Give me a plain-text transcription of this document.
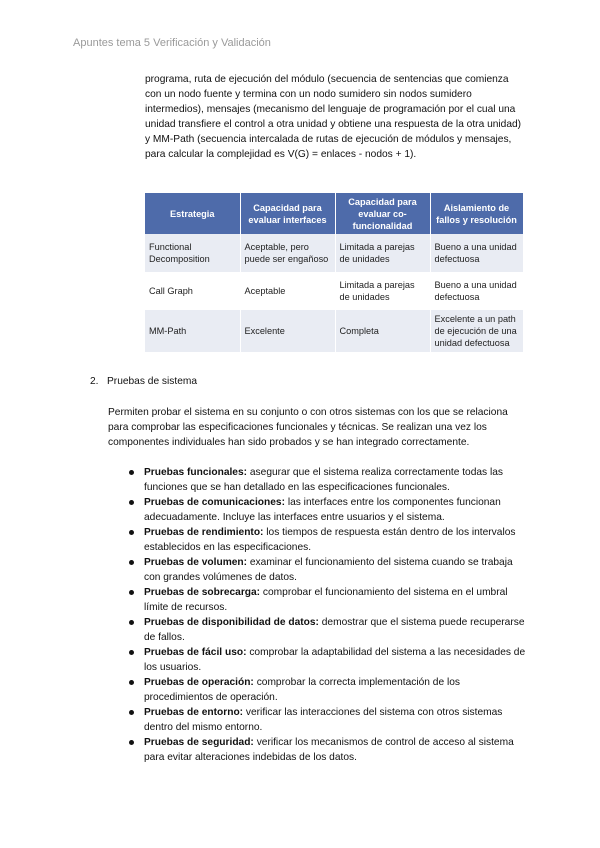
Apuntes tema 5 Verificación y Validación

programa, ruta de ejecución del módulo (secuencia de sentencias que comienza con un nodo fuente y termina con un nodo sumidero sin nodos sumidero intermedios), mensajes (mecanismo del lenguaje de programación por el cual una unidad transfiere el control a otra unidad y obtiene una respuesta de la otra unidad) y MM-Path (secuencia intercalada de rutas de ejecución de módulos y mensajes, para calcular la complejidad es V(G) = enlaces - nodos + 1).

Estrategia	Capacidad para evaluar interfaces	Capacidad para evaluar co-funcionalidad	Aislamiento de fallos y resolución
Functional Decomposition	Aceptable, pero puede ser engañoso	Limitada a parejas de unidades	Bueno a una unidad defectuosa
Call Graph	Aceptable	Limitada a parejas de unidades	Bueno a una unidad defectuosa
MM-Path	Excelente	Completa	Excelente a un path de ejecución de una unidad defectuosa
2. Pruebas de sistema

Permiten probar el sistema en su conjunto o con otros sistemas con los que se relaciona para comprobar las especificaciones funcionales y técnicas. Se realizan una vez los componentes individuales han sido probados y se han integrado correctamente.

Pruebas funcionales: asegurar que el sistema realiza correctamente todas las funciones que se han detallado en las especificaciones funcionales.
Pruebas de comunicaciones: las interfaces entre los componentes funcionan adecuadamente. Incluye las interfaces entre usuarios y el sistema.
Pruebas de rendimiento: los tiempos de respuesta están dentro de los intervalos establecidos en las especificaciones.
Pruebas de volumen: examinar el funcionamiento del sistema cuando se trabaja con grandes volúmenes de datos.
Pruebas de sobrecarga: comprobar el funcionamiento del sistema en el umbral límite de recursos.
Pruebas de disponibilidad de datos: demostrar que el sistema puede recuperarse de fallos.
Pruebas de fácil uso: comprobar la adaptabilidad del sistema a las necesidades de los usuarios.
Pruebas de operación: comprobar la correcta implementación de los procedimientos de operación.
Pruebas de entorno: verificar las interacciones del sistema con otros sistemas dentro del mismo entorno.
Pruebas de seguridad: verificar los mecanismos de control de acceso al sistema para evitar alteraciones indebidas de los datos.
